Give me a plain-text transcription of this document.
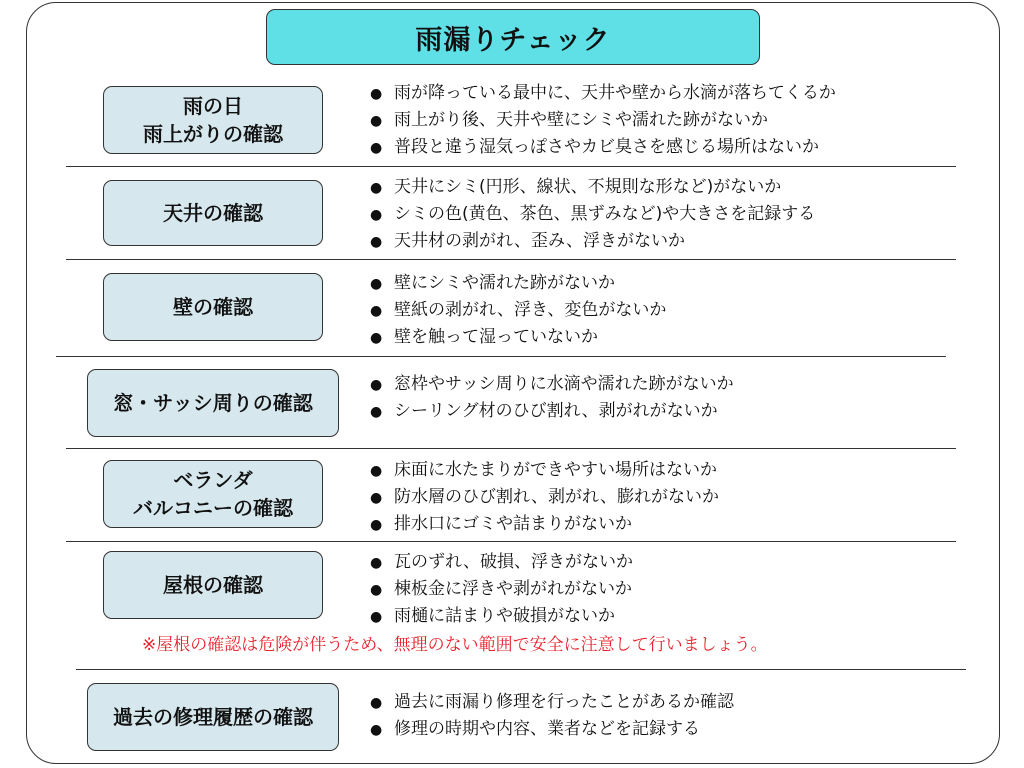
雨漏りチェック
雨の日
雨上がりの確認
● 雨が降っている最中に、天井や壁から水滴が落ちてくるか
● 雨上がり後、天井や壁にシミや濡れた跡がないか
● 普段と違う湿気っぽさやカビ臭さを感じる場所はないか
天井の確認
● 天井にシミ(円形、線状、不規則な形など)がないか
● シミの色(黄色、茶色、黒ずみなど)や大きさを記録する
● 天井材の剥がれ、歪み、浮きがないか
壁の確認
● 壁にシミや濡れた跡がないか
● 壁紙の剥がれ、浮き、変色がないか
● 壁を触って湿っていないか
窓・サッシ周りの確認
● 窓枠やサッシ周りに水滴や濡れた跡がないか
● シーリング材のひび割れ、剥がれがないか
ベランダ
バルコニーの確認
● 床面に水たまりができやすい場所はないか
● 防水層のひび割れ、剥がれ、膨れがないか
● 排水口にゴミや詰まりがないか
屋根の確認
● 瓦のずれ、破損、浮きがないか
● 棟板金に浮きや剥がれがないか
● 雨樋に詰まりや破損がないか
※屋根の確認は危険が伴うため、無理のない範囲で安全に注意して行いましょう。
過去の修理履歴の確認
● 過去に雨漏り修理を行ったことがあるか確認
● 修理の時期や内容、業者などを記録する
